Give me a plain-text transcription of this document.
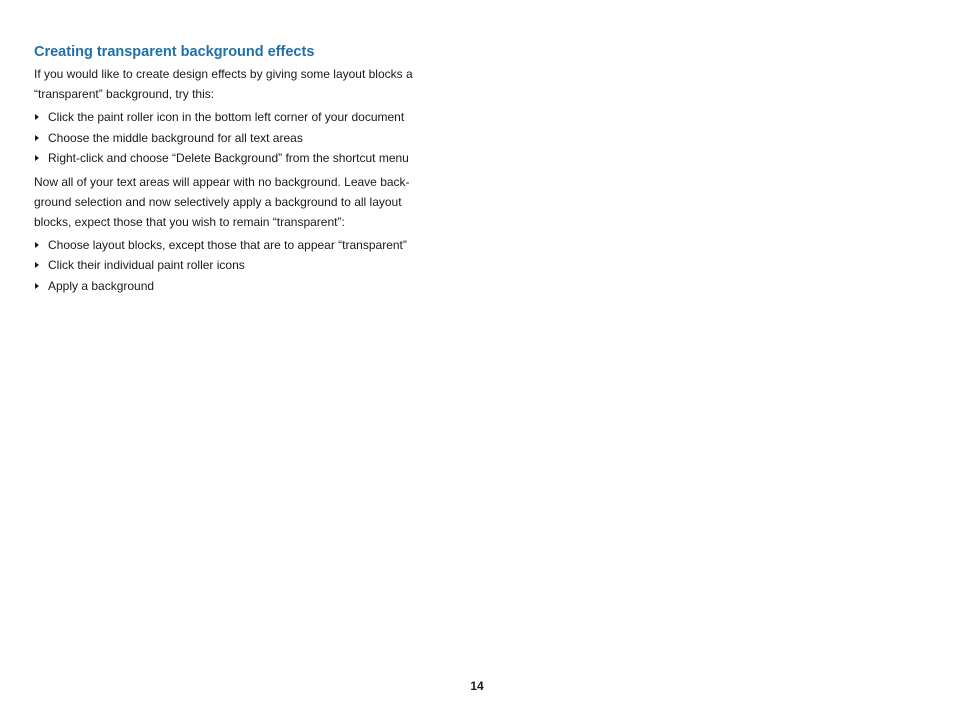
Creating transparent background effects

If you would like to create design effects by giving some layout blocks a
“transparent” background, try this:

Click the paint roller icon in the bottom left corner of your document
Choose the middle background for all text areas
Right-click and choose “Delete Background” from the shortcut menu

Now all of your text areas will appear with no background. Leave back-
ground selection and now selectively apply a background to all layout
blocks, expect those that you wish to remain “transparent”:

Choose layout blocks, except those that are to appear “transparent”
Click their individual paint roller icons
Apply a background
14
